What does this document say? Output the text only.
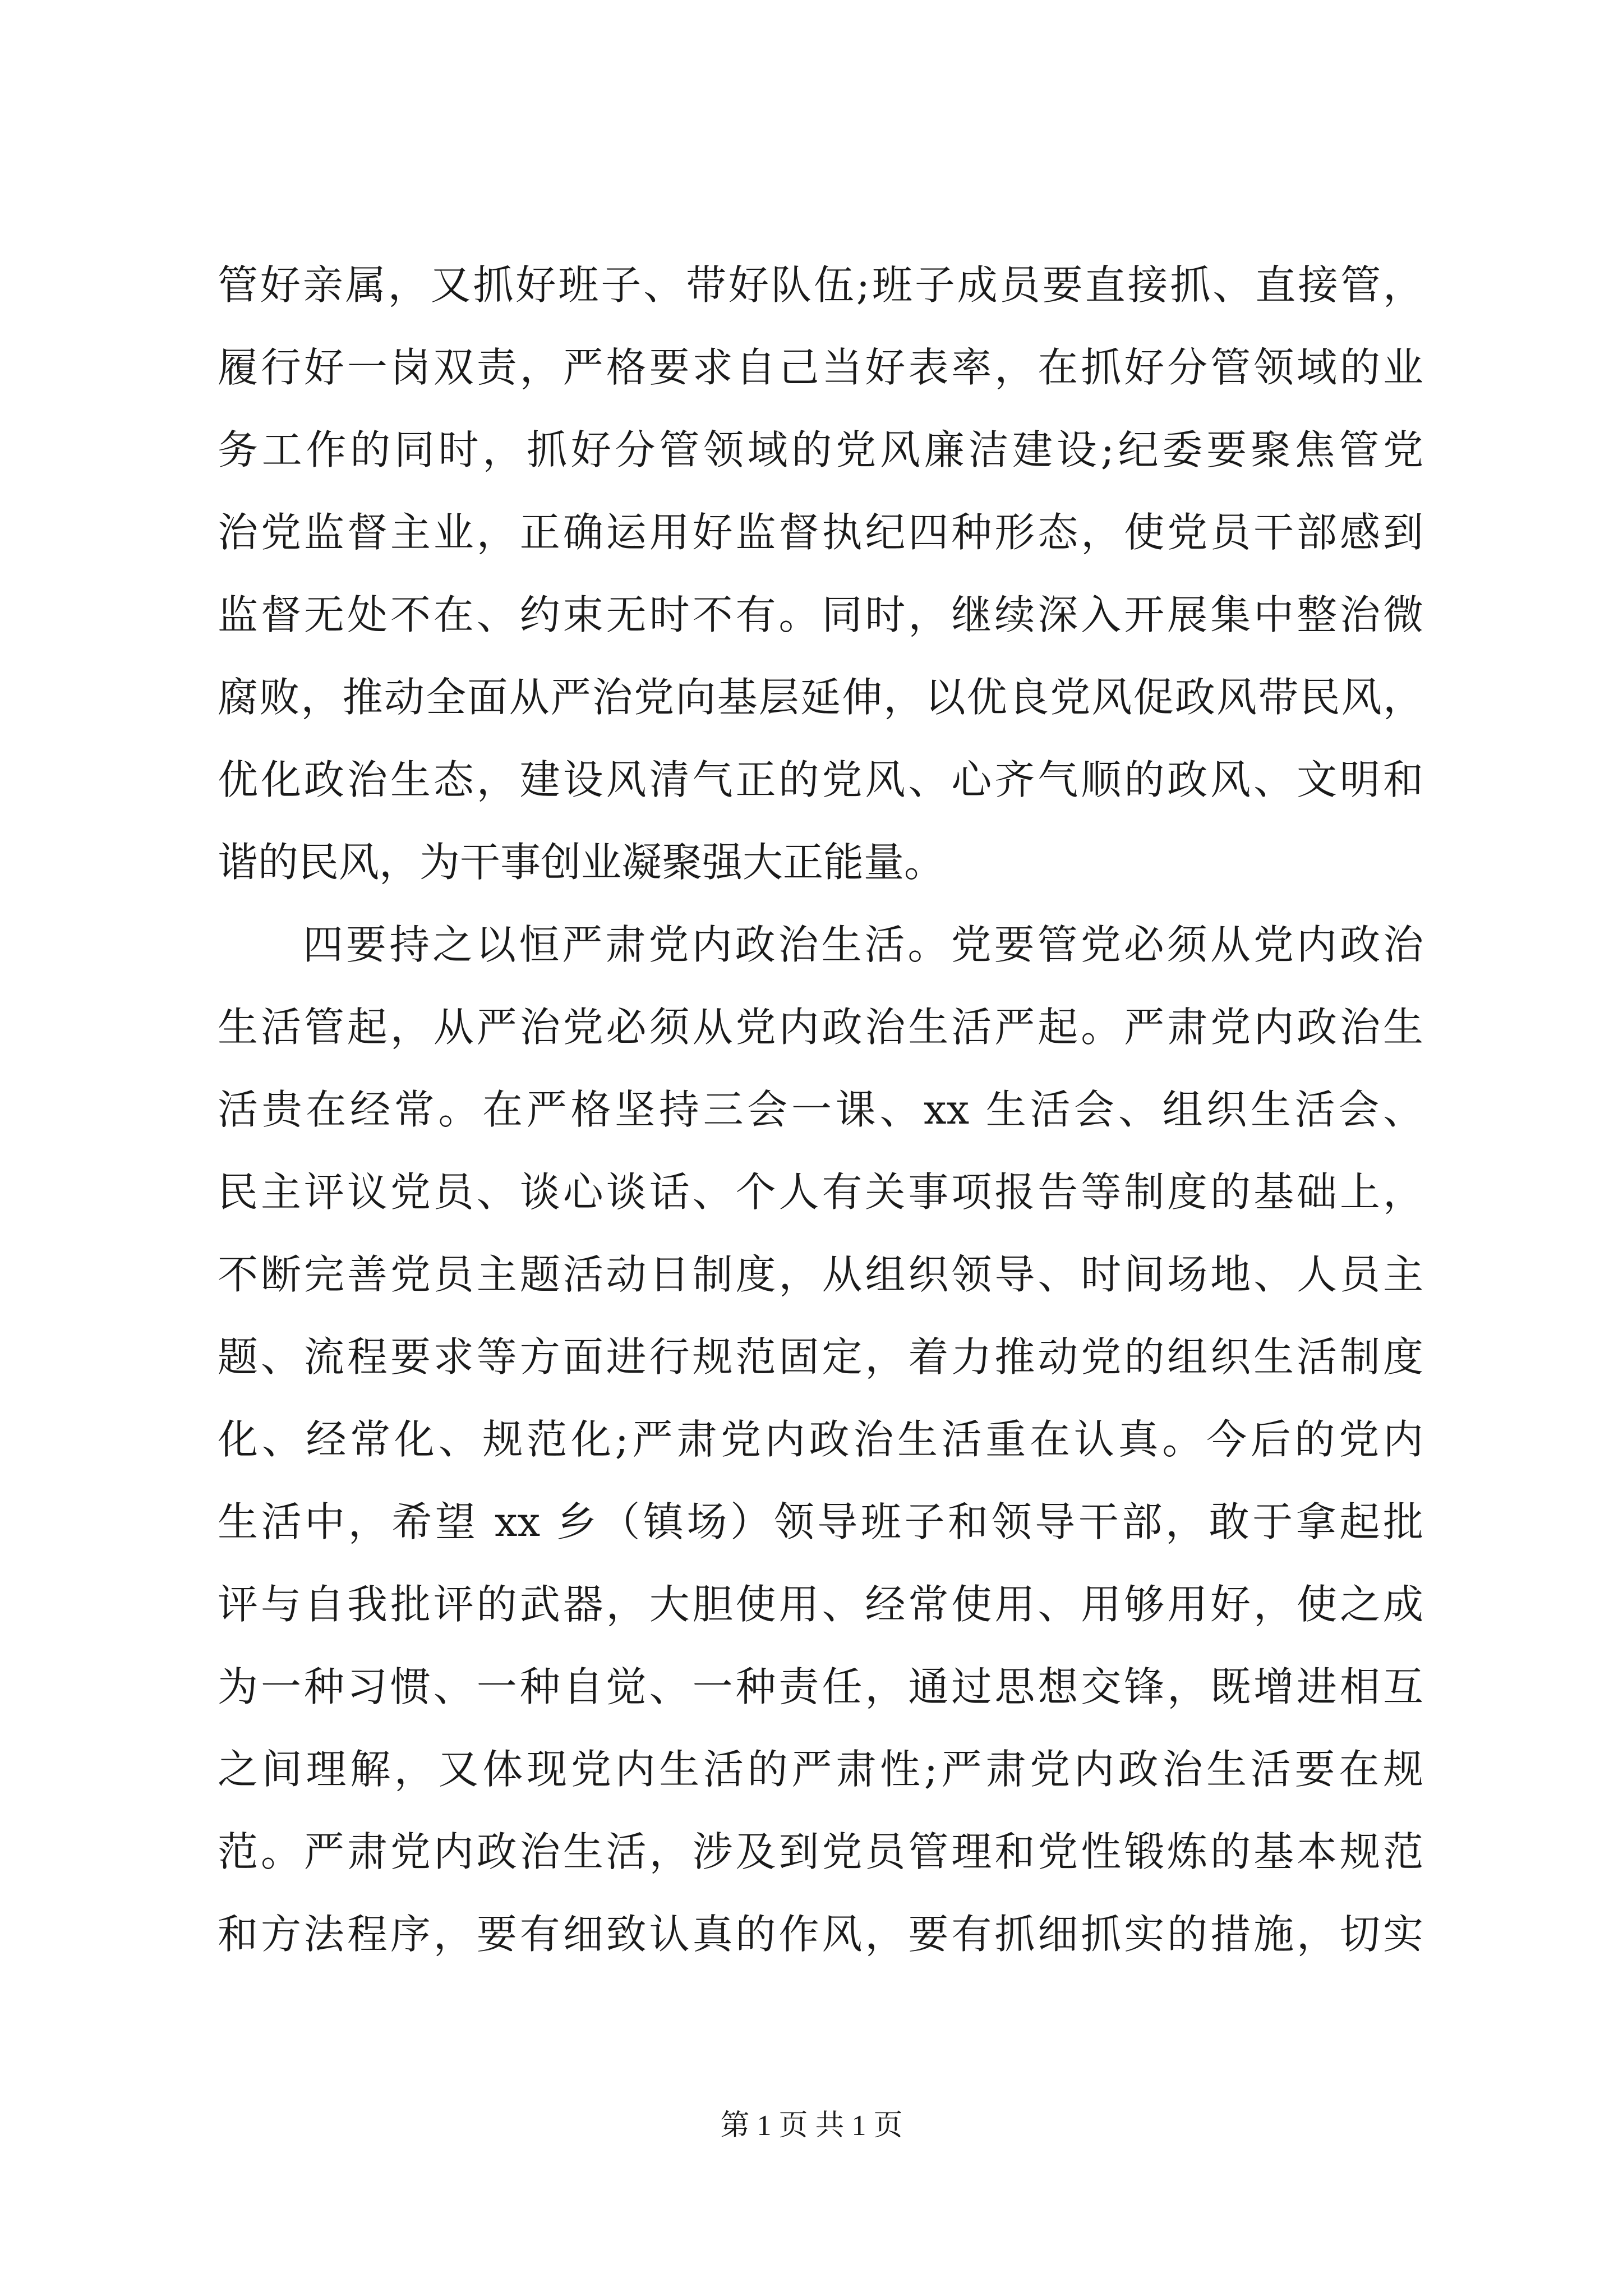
管好亲属，又抓好班子、带好队伍;班子成员要直接抓、直接管，
履行好一岗双责，严格要求自己当好表率，在抓好分管领域的业
务工作的同时，抓好分管领域的党风廉洁建设;纪委要聚焦管党
治党监督主业，正确运用好监督执纪四种形态，使党员干部感到
监督无处不在、约束无时不有。同时，继续深入开展集中整治微
腐败，推动全面从严治党向基层延伸，以优良党风促政风带民风，
优化政治生态，建设风清气正的党风、心齐气顺的政风、文明和
谐的民风，为干事创业凝聚强大正能量。
四要持之以恒严肃党内政治生活。党要管党必须从党内政治
生活管起，从严治党必须从党内政治生活严起。严肃党内政治生
活贵在经常。在严格坚持三会一课、xx 生活会、组织生活会、
民主评议党员、谈心谈话、个人有关事项报告等制度的基础上，
不断完善党员主题活动日制度，从组织领导、时间场地、人员主
题、流程要求等方面进行规范固定，着力推动党的组织生活制度
化、经常化、规范化;严肃党内政治生活重在认真。今后的党内
生活中，希望 xx 乡（镇场）领导班子和领导干部，敢于拿起批
评与自我批评的武器，大胆使用、经常使用、用够用好，使之成
为一种习惯、一种自觉、一种责任，通过思想交锋，既增进相互
之间理解，又体现党内生活的严肃性;严肃党内政治生活要在规
范。严肃党内政治生活，涉及到党员管理和党性锻炼的基本规范
和方法程序，要有细致认真的作风，要有抓细抓实的措施，切实
第 1 页 共 1 页
